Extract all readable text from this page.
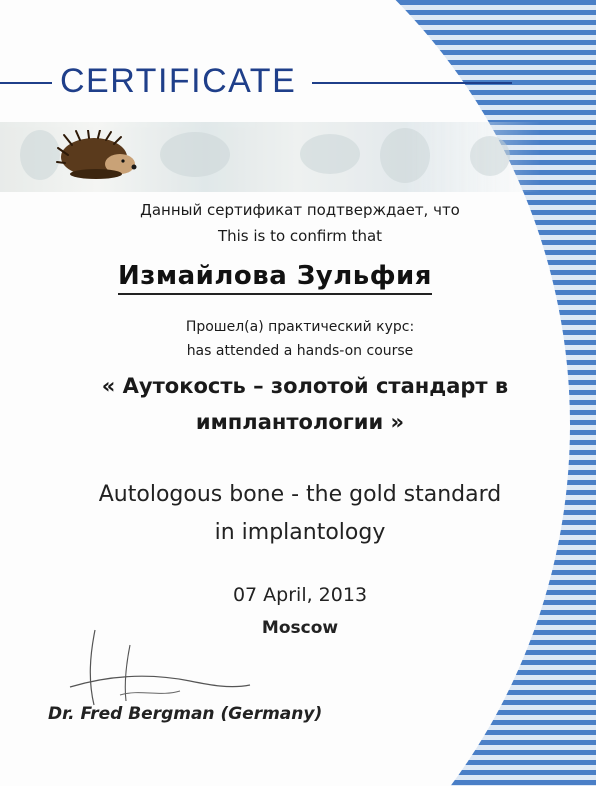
CERTIFICATE
Данный сертификат подтверждает, что
This is to confirm that
Измайлова Зульфия
Прошел(а) практический курс:
has attended a hands-on course
« Аутокость – золотой стандарт в
имплантологии »
Autologous bone - the gold standard
in implantology
07 April, 2013
Moscow
Dr. Fred Bergman (Germany)
